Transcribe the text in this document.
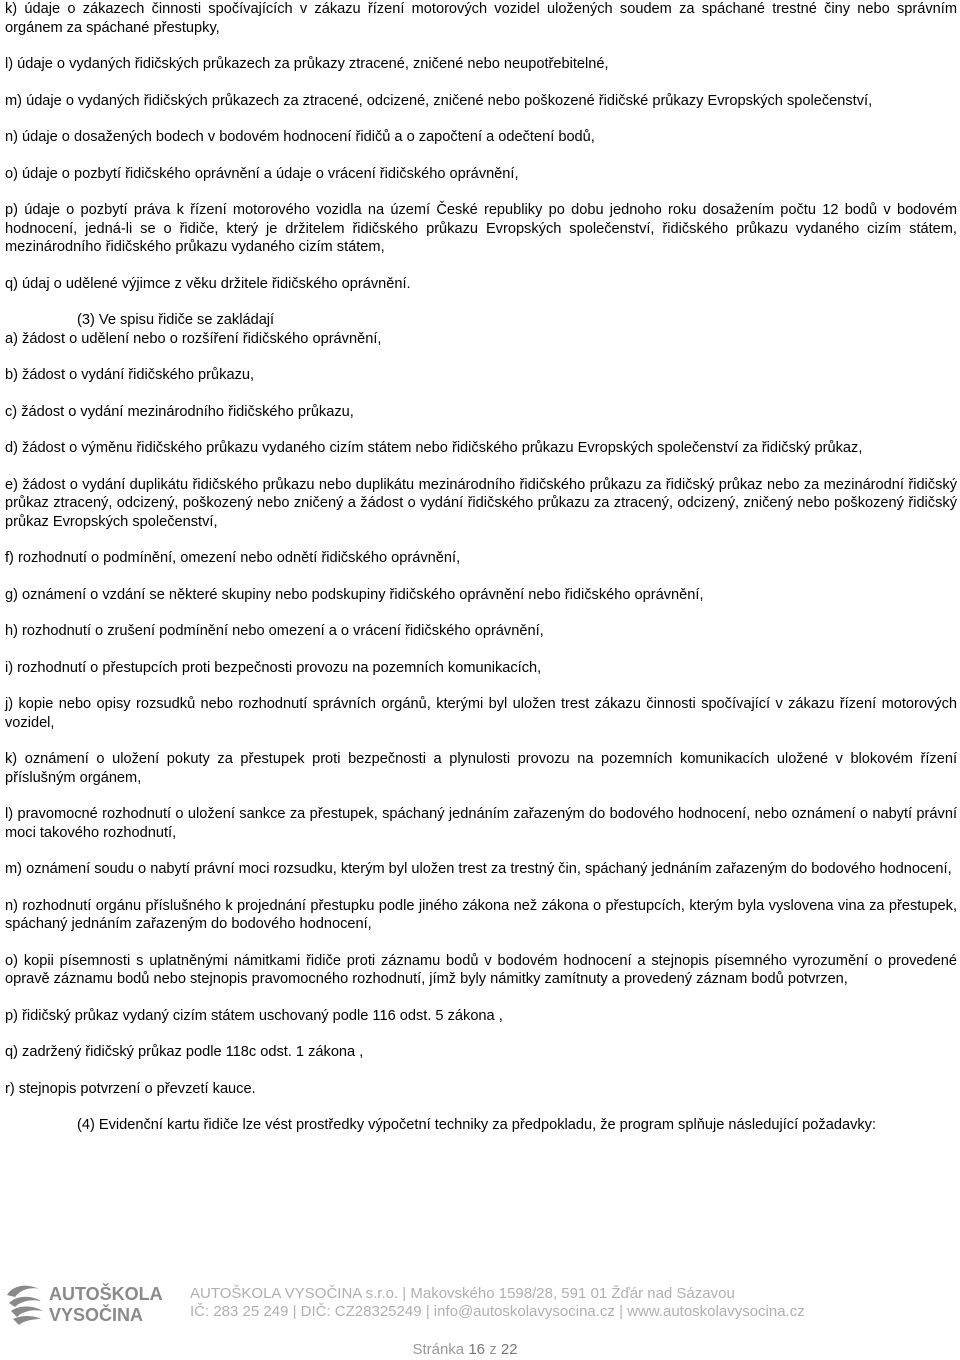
k) údaje o zákazech činnosti spočívajících v zákazu řízení motorových vozidel uložených soudem za spáchané trestné činy nebo správním orgánem za spáchané přestupky,

l) údaje o vydaných řidičských průkazech za průkazy ztracené, zničené nebo neupotřebitelné,

m) údaje o vydaných řidičských průkazech za ztracené, odcizené, zničené nebo poškozené řidičské průkazy Evropských společenství,

n) údaje o dosažených bodech v bodovém hodnocení řidičů a o započtení a odečtení bodů,

o) údaje o pozbytí řidičského oprávnění a údaje o vrácení řidičského oprávnění,

p) údaje o pozbytí práva k řízení motorového vozidla na území České republiky po dobu jednoho roku dosažením počtu 12 bodů v bodovém hodnocení, jedná-li se o řidiče, který je držitelem řidičského průkazu Evropských společenství, řidičského průkazu vydaného cizím státem, mezinárodního řidičského průkazu vydaného cizím státem,

q) údaj o udělené výjimce z věku držitele řidičského oprávnění.

(3) Ve spisu řidiče se zakládají

a) žádost o udělení nebo o rozšíření řidičského oprávnění,

b) žádost o vydání řidičského průkazu,

c) žádost o vydání mezinárodního řidičského průkazu,

d) žádost o výměnu řidičského průkazu vydaného cizím státem nebo řidičského průkazu Evropských společenství za řidičský průkaz,

e) žádost o vydání duplikátu řidičského průkazu nebo duplikátu mezinárodního řidičského průkazu za řidičský průkaz nebo za mezinárodní řidičský průkaz ztracený, odcizený, poškozený nebo zničený a žádost o vydání řidičského průkazu za ztracený, odcizený, zničený nebo poškozený řidičský průkaz Evropských společenství,

f) rozhodnutí o podmínění, omezení nebo odnětí řidičského oprávnění,

g) oznámení o vzdání se některé skupiny nebo podskupiny řidičského oprávnění nebo řidičského oprávnění,

h) rozhodnutí o zrušení podmínění nebo omezení a o vrácení řidičského oprávnění,

i) rozhodnutí o přestupcích proti bezpečnosti provozu na pozemních komunikacích,

j) kopie nebo opisy rozsudků nebo rozhodnutí správních orgánů, kterými byl uložen trest zákazu činnosti spočívající v zákazu řízení motorových vozidel,

k) oznámení o uložení pokuty za přestupek proti bezpečnosti a plynulosti provozu na pozemních komunikacích uložené v blokovém řízení příslušným orgánem,

l) pravomocné rozhodnutí o uložení sankce za přestupek, spáchaný jednáním zařazeným do bodového hodnocení, nebo oznámení o nabytí právní moci takového rozhodnutí,

m) oznámení soudu o nabytí právní moci rozsudku, kterým byl uložen trest za trestný čin, spáchaný jednáním zařazeným do bodového hodnocení,

n) rozhodnutí orgánu příslušného k projednání přestupku podle jiného zákona než zákona o přestupcích, kterým byla vyslovena vina za přestupek, spáchaný jednáním zařazeným do bodového hodnocení,

o) kopii písemnosti s uplatněnými námitkami řidiče proti záznamu bodů v bodovém hodnocení a stejnopis písemného vyrozumění o provedené opravě záznamu bodů nebo stejnopis pravomocného rozhodnutí, jímž byly námitky zamítnuty a provedený záznam bodů potvrzen,

p) řidičský průkaz vydaný cizím státem uschovaný podle 116 odst. 5 zákona ,

q) zadržený řidičský průkaz podle 118c odst. 1 zákona ,

r) stejnopis potvrzení o převzetí kauce.

(4) Evidenční kartu řidiče lze vést prostředky výpočetní techniky za předpokladu, že program splňuje následující požadavky:

AUTOŠKOLA
VYSOČINA
AUTOŠKOLA VYSOČINA s.r.o. | Makovského 1598/28, 591 01 Žďár nad Sázavou
IČ: 283 25 249 | DIČ: CZ28325249 | info@autoskolavysocina.cz | www.autoskolavysocina.cz
Stránka 16 z 22
